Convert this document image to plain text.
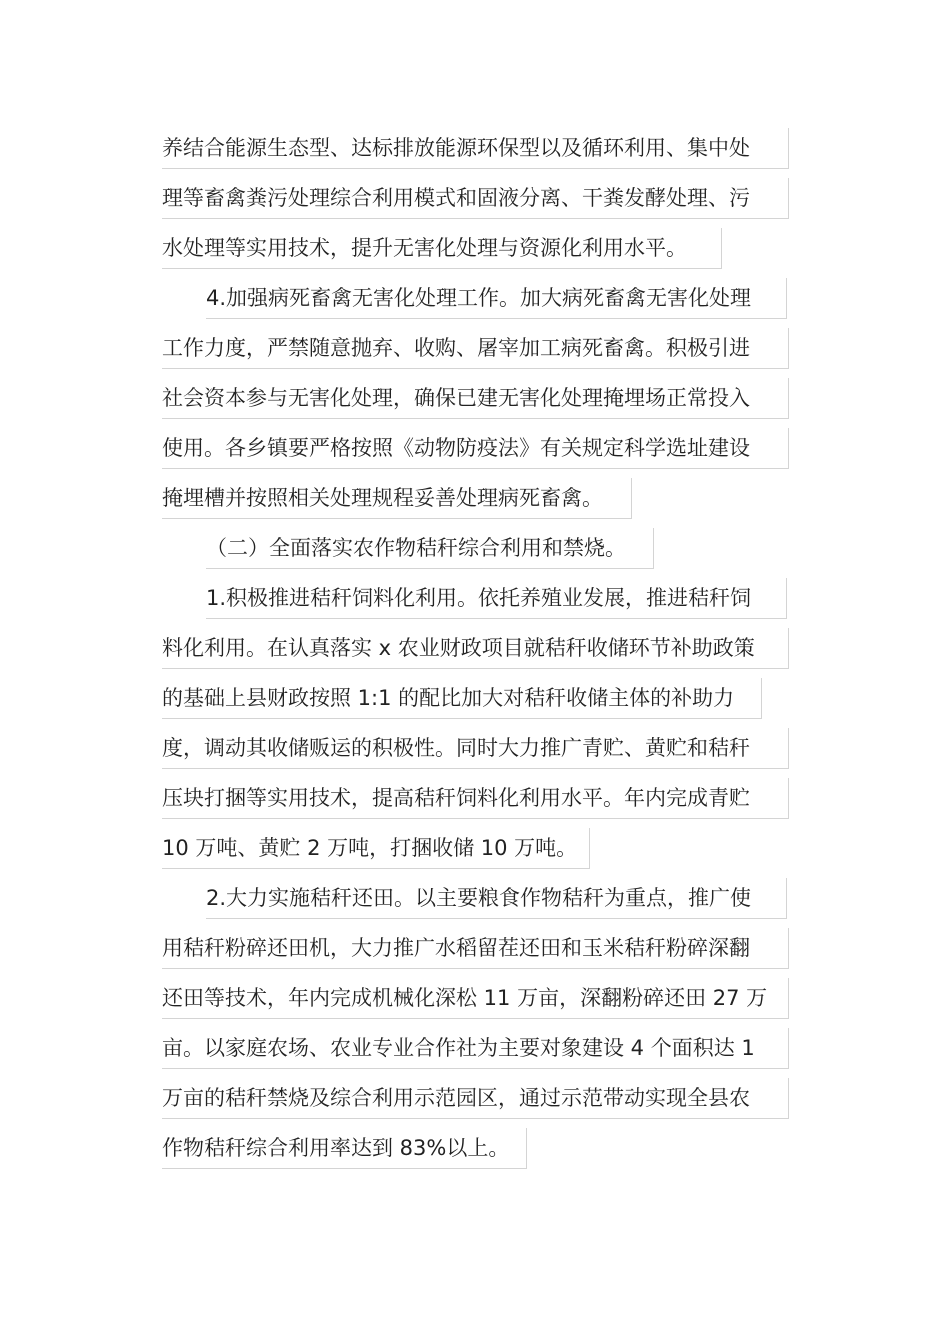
养结合能源生态型、达标排放能源环保型以及循环利用、集中处
理等畜禽粪污处理综合利用模式和固液分离、干粪发酵处理、污
水处理等实用技术，提升无害化处理与资源化利用水平。
4.加强病死畜禽无害化处理工作。加大病死畜禽无害化处理
工作力度，严禁随意抛弃、收购、屠宰加工病死畜禽。积极引进
社会资本参与无害化处理，确保已建无害化处理掩埋场正常投入
使用。各乡镇要严格按照《动物防疫法》有关规定科学选址建设
掩埋槽并按照相关处理规程妥善处理病死畜禽。
（二）全面落实农作物秸秆综合利用和禁烧。
1.积极推进秸秆饲料化利用。依托养殖业发展，推进秸秆饲
料化利用。在认真落实 x 农业财政项目就秸秆收储环节补助政策
的基础上县财政按照 1:1 的配比加大对秸秆收储主体的补助力
度，调动其收储贩运的积极性。同时大力推广青贮、黄贮和秸秆
压块打捆等实用技术，提高秸秆饲料化利用水平。年内完成青贮
10 万吨、黄贮 2 万吨，打捆收储 10 万吨。
2.大力实施秸秆还田。以主要粮食作物秸秆为重点，推广使
用秸秆粉碎还田机，大力推广水稻留茬还田和玉米秸秆粉碎深翻
还田等技术，年内完成机械化深松 11 万亩，深翻粉碎还田 27 万
亩。以家庭农场、农业专业合作社为主要对象建设 4 个面积达 1
万亩的秸秆禁烧及综合利用示范园区，通过示范带动实现全县农
作物秸秆综合利用率达到 83%以上。
